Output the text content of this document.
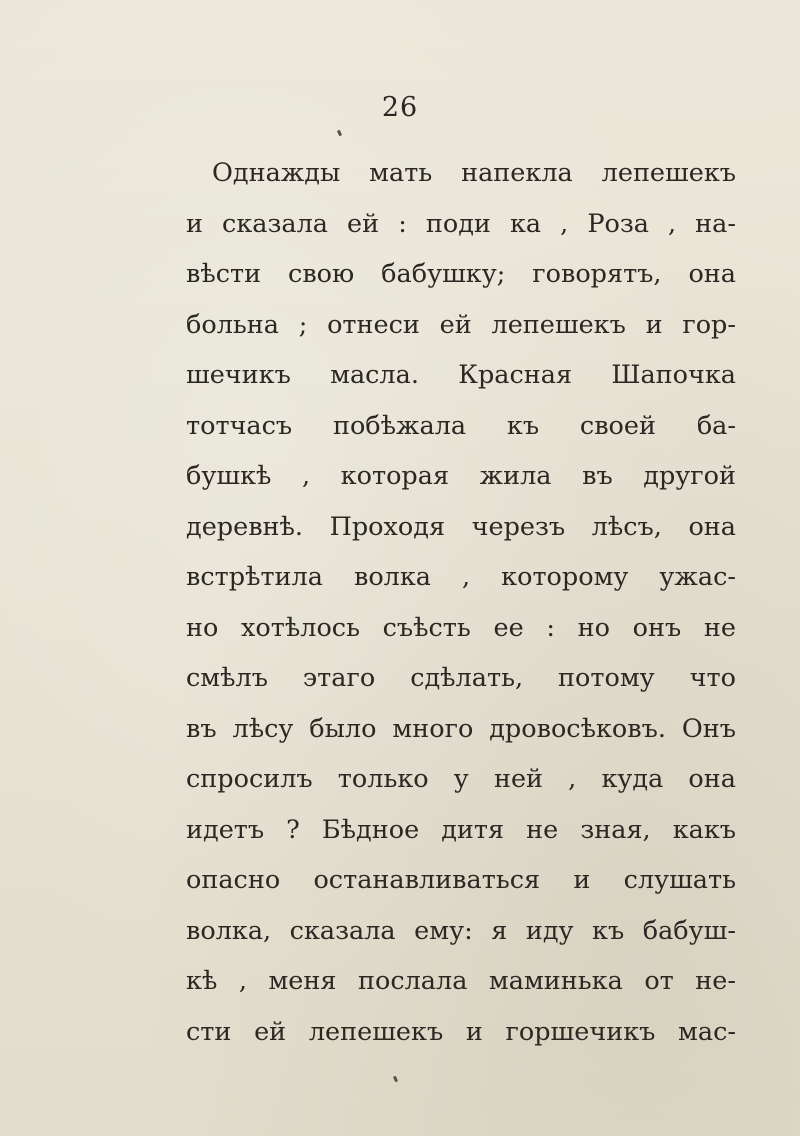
26
Однажды мать напекла лепешекъ
и сказала ей : поди ка , Роза , на-
вѣсти свою бабушку; говорятъ, она
больна ; отнеси ей лепешекъ и гор-
шечикъ масла. Красная Шапочка
тотчасъ побѣжала къ своей ба-
бушкѣ , которая жила въ другой
деревнѣ. Проходя черезъ лѣсъ, она
встрѣтила волка , которому ужас-
но хотѣлось съѣсть ее : но онъ не
смѣлъ этаго сдѣлать, потому что
въ лѣсу было много дровосѣковъ. Онъ
спросилъ только у ней , куда она
идетъ ? Бѣдное дитя не зная, какъ
опасно останавливаться и слушать
волка, сказала ему: я иду къ бабуш-
кѣ , меня послала маминька от не-
сти ей лепешекъ и горшечикъ мас-
